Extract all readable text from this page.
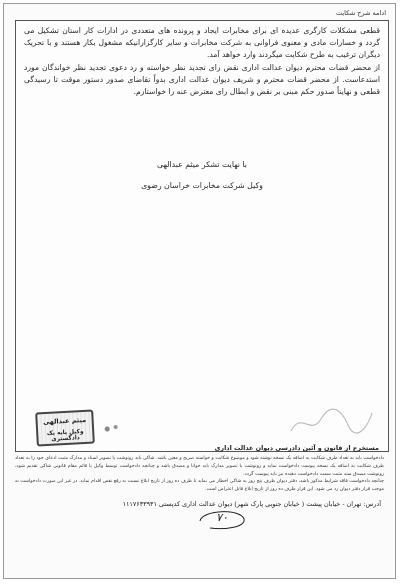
ادامه شرح شکایت

قطعی مشکلات کارگری عدیده ای برای مخابرات ایجاد و پرونده های متعددی در ادارات کار استان تشکیل می گردد و خسارات مادی و معنوی فراوانی به شرکت مخابرات و سایر کارگزارانیکه مشغول بکار هستند و با تحریک دیگران ترغیب به طرح شکایت میگردند وارد خواهد آمد.

از محضر قضات محترم دیوان عدالت اداری نقض رای تجدید نظر خواسته و رد دعوی تجدید نظر خواندگان مورد استدعاست. از محضر قضات محترم و شریف دیوان عدالت اداری بدواً تقاضای صدور دستور موقت تا رسیدگی قطعی و نهایتاً صدور حکم مبنی بر نقض و ابطال رای معترض عنه را خواستارم.

با نهایت تشکر میثم عبدالهی
وکیل شرکت مخابرات خراسان رضوی
میثم عبدالهی
وکیل پایه یک دادگستری
مستخرج از قانون و آئین دادرسی دیوان عدالت اداری

دادخواست باید به تعداد طرف شکایت به اضافه یک نسخه نوشته شود و موضوع شکایت و خواسته صریح و معین باشد. شاکی باید رونوشت یا تصویر اسناد و مدارک مثبت ادعای خود را به تعداد طرف شکایت به اضافه یک نسخه پیوست دادخواست نماید و رونوشت یا تصویر مدارک باید خوانا و مصدق باشد و چنانچه دادخواست توسط وکیل یا قائم مقام قانونی شاکی تقدیم شود، رونوشت مصدق سند مثبت سمت دادخواست دهنده نیز باید پیوست گردد.

چنانچه دادخواست فاقد شرایط مذکور باشد، دفتر دیوان ظرف پنج روز به شاکی اخطار می نماید تا ظرف ده روز از تاریخ ابلاغ نسبت به رفع نقص اقدام نماید. در غیر این صورت دادخواست به موجب قرار دفتر دیوان رد می شود. این قرار ظرف ده روز از تاریخ ابلاغ قابل اعتراض است.

آدرس: تهران - خیابان پیشت ( خیابان جنوبی پارک شهر) دیوان عدالت اداری کدپستی ۱۱۱۷۶۳۳۹۳۱
۷۰
